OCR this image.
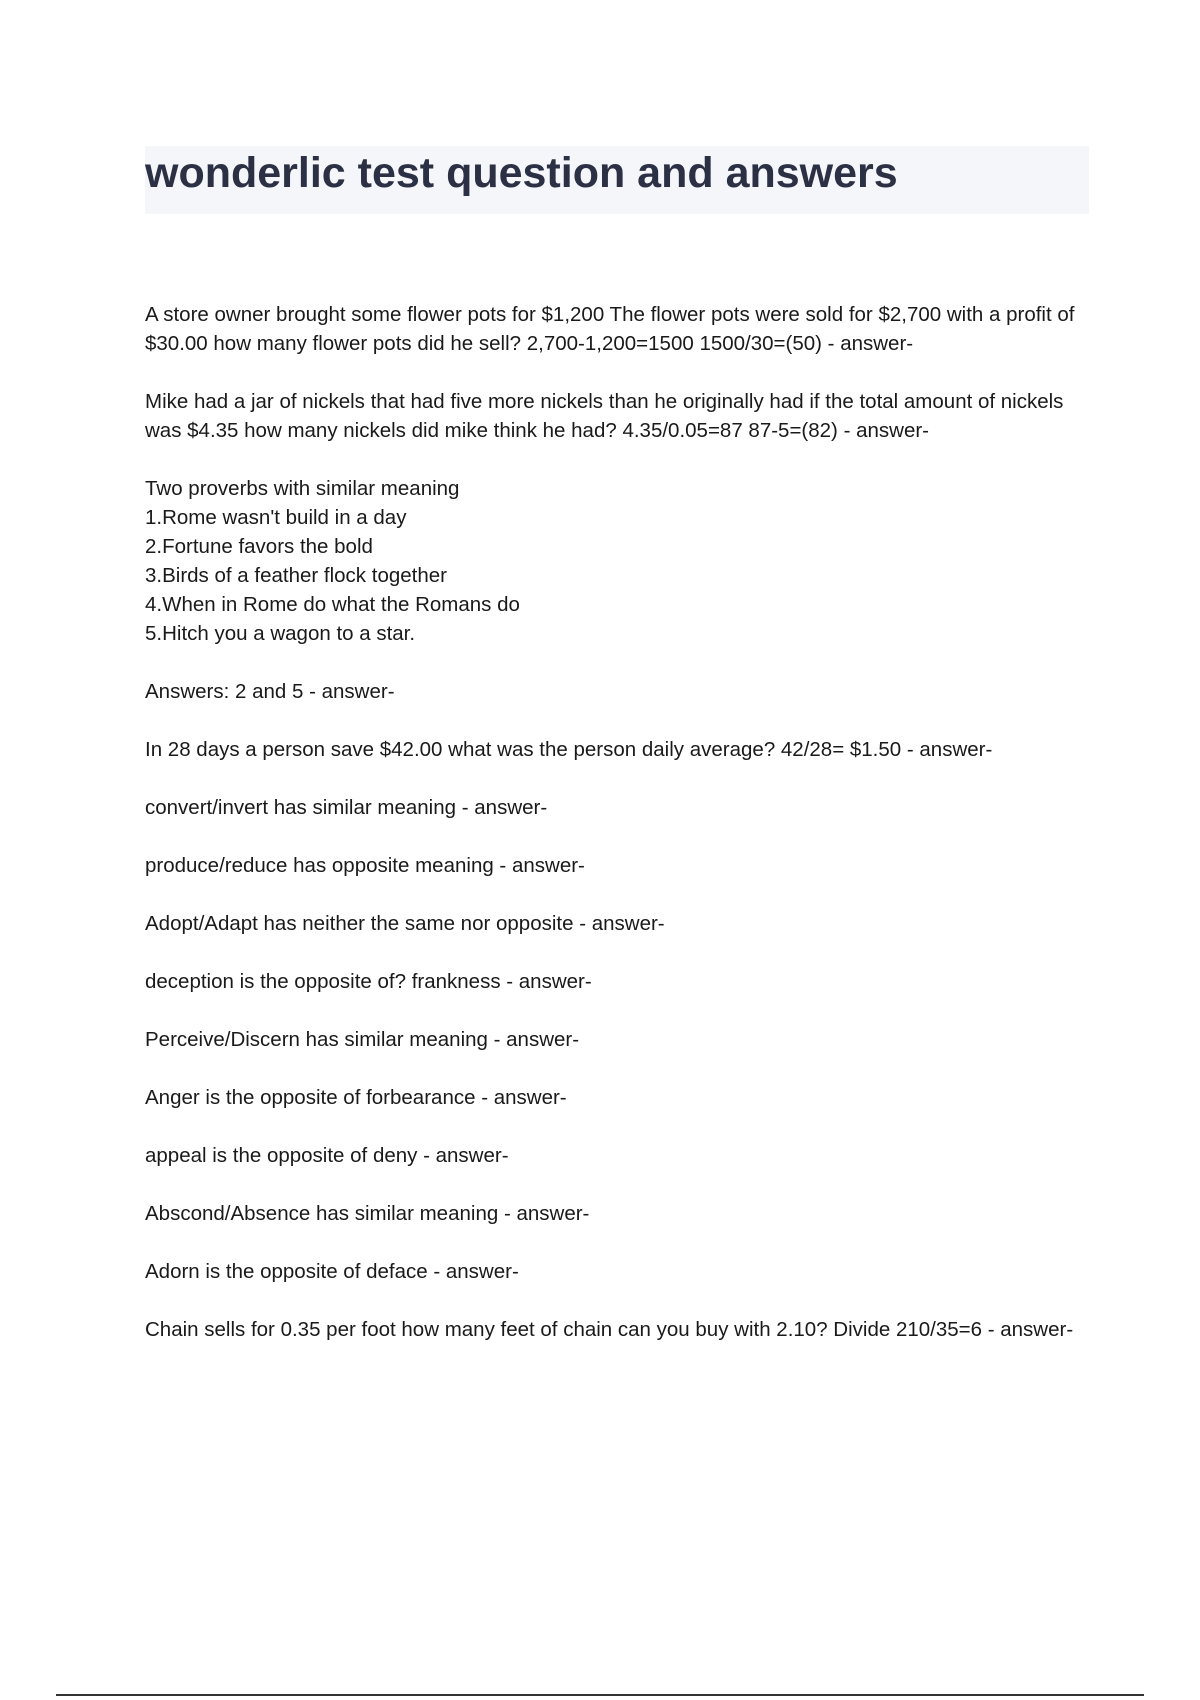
wonderlic test question and answers

A store owner brought some flower pots for $1,200 The flower pots were sold for $2,700 with a profit of $30.00 how many flower pots did he sell? 2,700-1,200=1500 1500/30=(50) - answer-

Mike had a jar of nickels that had five more nickels than he originally had if the total amount of nickels was $4.35 how many nickels did mike think he had? 4.35/0.05=87 87-5=(82) - answer-

Two proverbs with similar meaning
1.Rome wasn't build in a day
2.Fortune favors the bold
3.Birds of a feather flock together
4.When in Rome do what the Romans do
5.Hitch you a wagon to a star.

Answers: 2 and 5 - answer-

In 28 days a person save $42.00 what was the person daily average? 42/28= $1.50 - answer-

convert/invert has similar meaning - answer-

produce/reduce has opposite meaning - answer-

Adopt/Adapt has neither the same nor opposite - answer-

deception is the opposite of? frankness - answer-

Perceive/Discern has similar meaning - answer-

Anger is the opposite of forbearance - answer-

appeal is the opposite of deny - answer-

Abscond/Absence has similar meaning - answer-

Adorn is the opposite of deface - answer-

Chain sells for 0.35 per foot how many feet of chain can you buy with 2.10? Divide 210/35=6 - answer-
